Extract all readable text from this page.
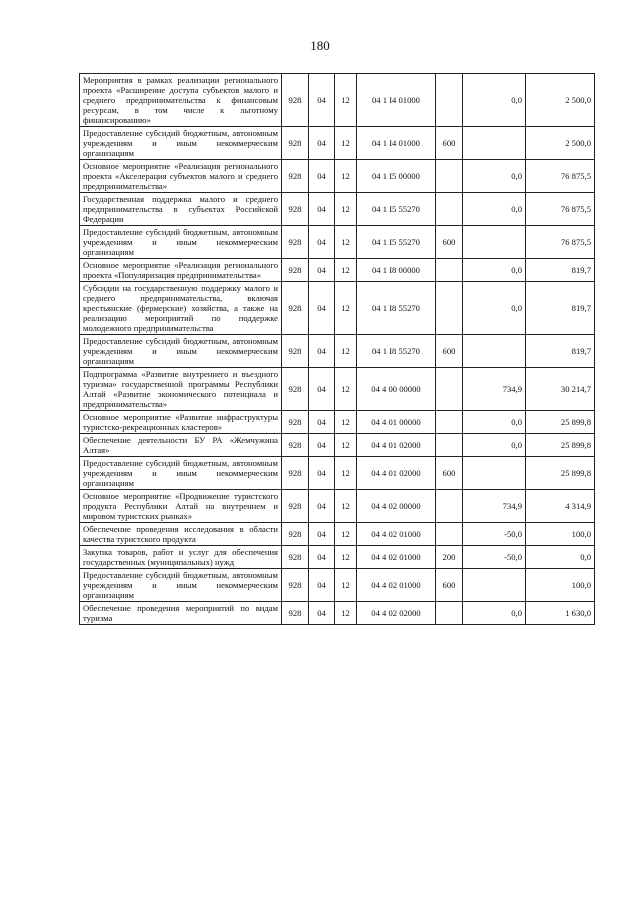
180
Мероприятия в рамках реализации регионального проекта «Расширение доступа субъектов малого и среднего предпринимательства к финансовым ресурсам, в том числе к льготному финансированию»	928	04	12	04 1 I4 01000		0,0	2 500,0
Предоставление субсидий бюджетным, автономным учреждениям и иным некоммерческим организациям	928	04	12	04 1 I4 01000	600		2 500,0
Основное мероприятие «Реализация регионального проекта «Акселерация субъектов малого и среднего предпринимательства»	928	04	12	04 1 I5 00000		0,0	76 875,5
Государственная поддержка малого и среднего предпринимательства в субъектах Российской Федерации	928	04	12	04 1 I5 55270		0,0	76 875,5
Предоставление субсидий бюджетным, автономным учреждениям и иным некоммерческим организациям	928	04	12	04 1 I5 55270	600		76 875,5
Основное мероприятие «Реализация регионального проекта «Популяризация предпринимательства»	928	04	12	04 1 I8 00000		0,0	819,7
Субсидии на государственную поддержку малого и среднего предпринимательства, включая крестьянские (фермерские) хозяйства, а также на реализацию мероприятий по поддержке молодежного предпринимательства	928	04	12	04 1 I8 55270		0,0	819,7
Предоставление субсидий бюджетным, автономным учреждениям и иным некоммерческим организациям	928	04	12	04 1 I8 55270	600		819,7
Подпрограмма «Развитие внутреннего и въездного туризма» государственной программы Республики Алтай «Развитие экономического потенциала и предпринимательства»	928	04	12	04 4 00 00000		734,9	30 214,7
Основное мероприятие «Развитие инфраструктуры туристско-рекреационных кластеров»	928	04	12	04 4 01 00000		0,0	25 899,8
Обеспечение деятельности БУ РА «Жемчужина Алтая»	928	04	12	04 4 01 02000		0,0	25 899,8
Предоставление субсидий бюджетным, автономным учреждениям и иным некоммерческим организациям	928	04	12	04 4 01 02000	600		25 899,8
Основное мероприятие «Продвижение туристского продукта Республики Алтай на внутреннем и мировом туристских рынках»	928	04	12	04 4 02 00000		734,9	4 314,9
Обеспечение проведения исследования в области качества туристского продукта	928	04	12	04 4 02 01000		-50,0	100,0
Закупка товаров, работ и услуг для обеспечения государственных (муниципальных) нужд	928	04	12	04 4 02 01000	200	-50,0	0,0
Предоставление субсидий бюджетным, автономным учреждениям и иным некоммерческим организациям	928	04	12	04 4 02 01000	600		100,0
Обеспечение проведения мероприятий по видам туризма	928	04	12	04 4 02 02000		0,0	1 630,0
